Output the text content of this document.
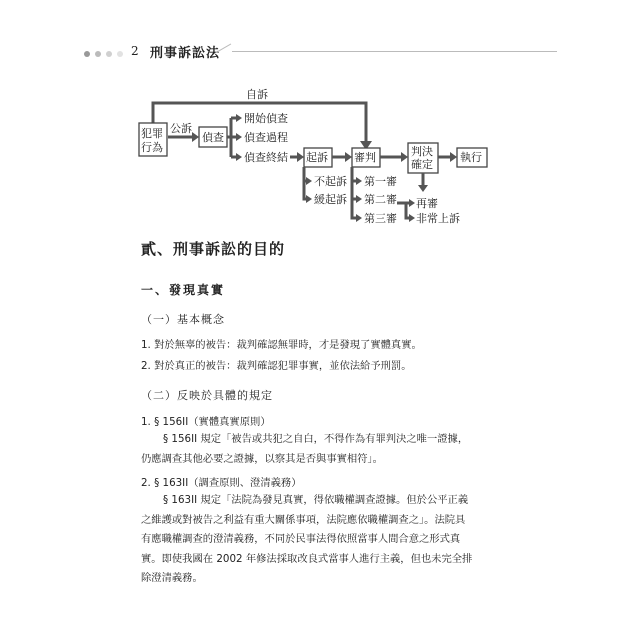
2 刑事訴訟法
自訴
犯罪
行為
公訴
偵查
開始偵查
偵查過程
偵查終結 起訴 審判	判決
確定
執行
不起訴
緩起訴
第一審
第二審
第三審
再審
非常上訴
貳、刑事訴訟的目的
一、發現真實
（一）基本概念
1. 對於無辜的被告：裁判確認無罪時，才是發現了實體真實。
2. 對於真正的被告：裁判確認犯罪事實，並依法給予刑罰。
（二）反映於具體的規定
1. § 156II（實體真實原則）
§ 156II 規定「被告或共犯之自白，不得作為有罪判決之唯一證據，
仍應調查其他必要之證據，以察其是否與事實相符」。
2. § 163II（調查原則、澄清義務）
§ 163II 規定「法院為發見真實，得依職權調查證據。但於公平正義
之維護或對被告之利益有重大關係事項，法院應依職權調查之」。法院具
有應職權調查的澄清義務，不同於民事法得依照當事人間合意之形式真
實。即使我國在 2002 年修法採取改良式當事人進行主義，但也未完全排
除澄清義務。
